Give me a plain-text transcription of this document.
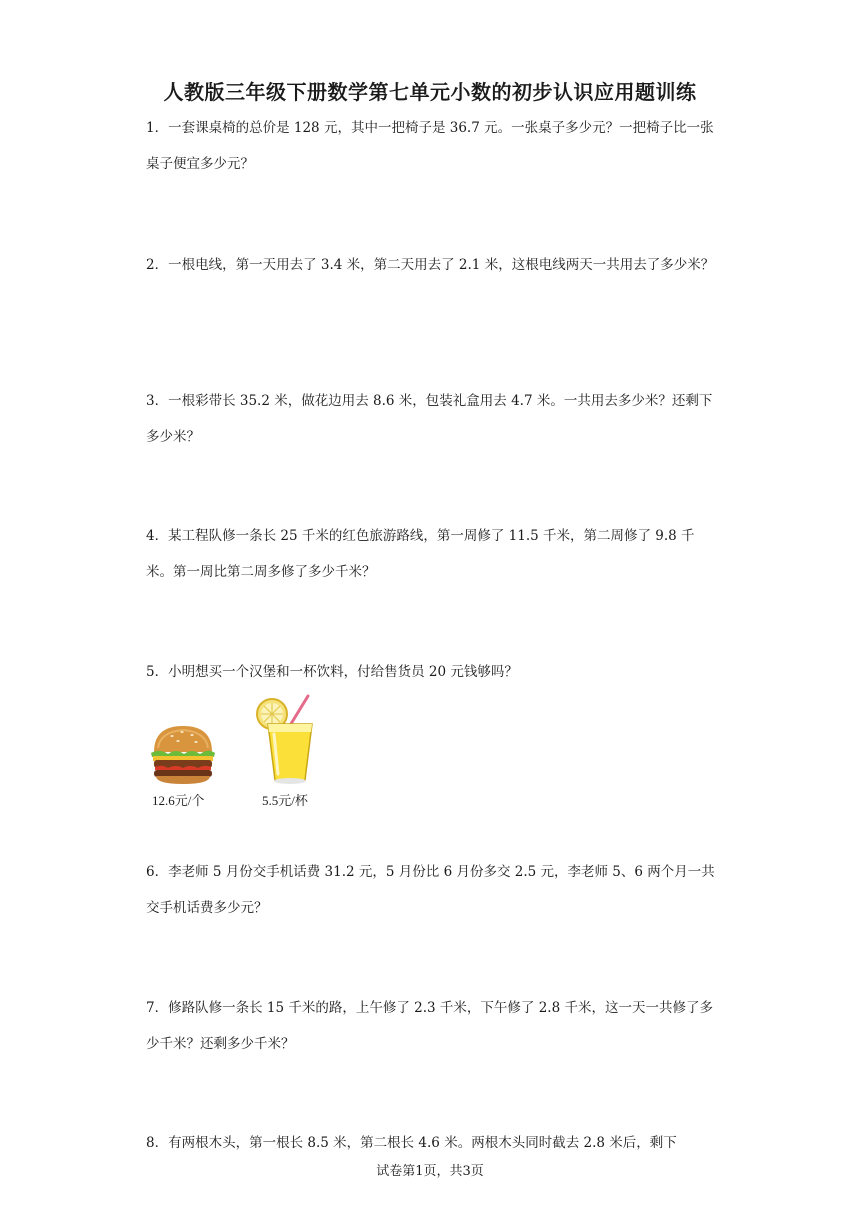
人教版三年级下册数学第七单元小数的初步认识应用题训练

1．一套课桌椅的总价是 128 元，其中一把椅子是 36.7 元。一张桌子多少元？一把椅子比一张桌子便宜多少元？

2．一根电线，第一天用去了 3.4 米，第二天用去了 2.1 米，这根电线两天一共用去了多少米？

3．一根彩带长 35.2 米，做花边用去 8.6 米，包装礼盒用去 4.7 米。一共用去多少米？还剩下多少米？

4．某工程队修一条长 25 千米的红色旅游路线，第一周修了 11.5 千米，第二周修了 9.8 千米。第一周比第二周多修了多少千米？

5．小明想买一个汉堡和一杯饮料，付给售货员 20 元钱够吗？

12.6元/个	5.5元/杯

6．李老师 5 月份交手机话费 31.2 元，5 月份比 6 月份多交 2.5 元，李老师 5、6 两个月一共交手机话费多少元？

7．修路队修一条长 15 千米的路，上午修了 2.3 千米，下午修了 2.8 千米，这一天一共修了多少千米？还剩多少千米？

8．有两根木头，第一根长 8.5 米，第二根长 4.6 米。两根木头同时截去 2.8 米后，剩下

试卷第1页，共3页
